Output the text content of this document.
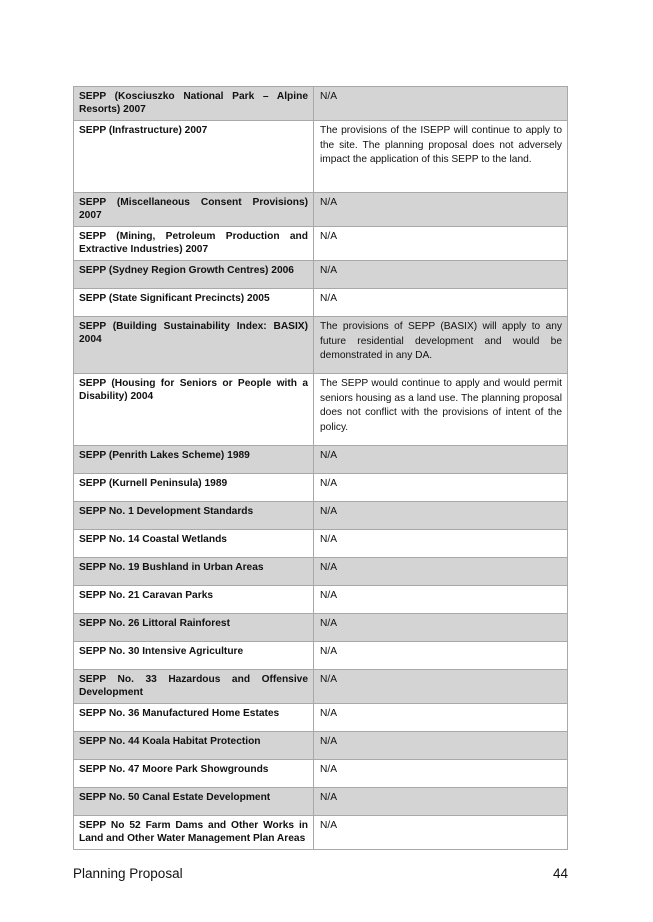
SEPP (Kosciuszko National Park – Alpine Resorts) 2007	N/A
SEPP (Infrastructure) 2007	The provisions of the ISEPP will continue to apply to the site. The planning proposal does not adversely impact the application of this SEPP to the land.
SEPP (Miscellaneous Consent Provisions) 2007	N/A
SEPP (Mining, Petroleum Production and Extractive Industries) 2007	N/A
SEPP (Sydney Region Growth Centres) 2006	N/A
SEPP (State Significant Precincts) 2005	N/A
SEPP (Building Sustainability Index: BASIX) 2004	The provisions of SEPP (BASIX) will apply to any future residential development and would be demonstrated in any DA.
SEPP (Housing for Seniors or People with a Disability) 2004	The SEPP would continue to apply and would permit seniors housing as a land use. The planning proposal does not conflict with the provisions of intent of the policy.
SEPP (Penrith Lakes Scheme) 1989	N/A
SEPP (Kurnell Peninsula) 1989	N/A
SEPP No. 1 Development Standards	N/A
SEPP No. 14 Coastal Wetlands	N/A
SEPP No. 19 Bushland in Urban Areas	N/A
SEPP No. 21 Caravan Parks	N/A
SEPP No. 26 Littoral Rainforest	N/A
SEPP No. 30 Intensive Agriculture	N/A
SEPP No. 33 Hazardous and Offensive Development	N/A
SEPP No. 36 Manufactured Home Estates	N/A
SEPP No. 44 Koala Habitat Protection	N/A
SEPP No. 47 Moore Park Showgrounds	N/A
SEPP No. 50 Canal Estate Development	N/A
SEPP No 52 Farm Dams and Other Works in Land and Other Water Management Plan Areas	N/A
Planning Proposal	44
